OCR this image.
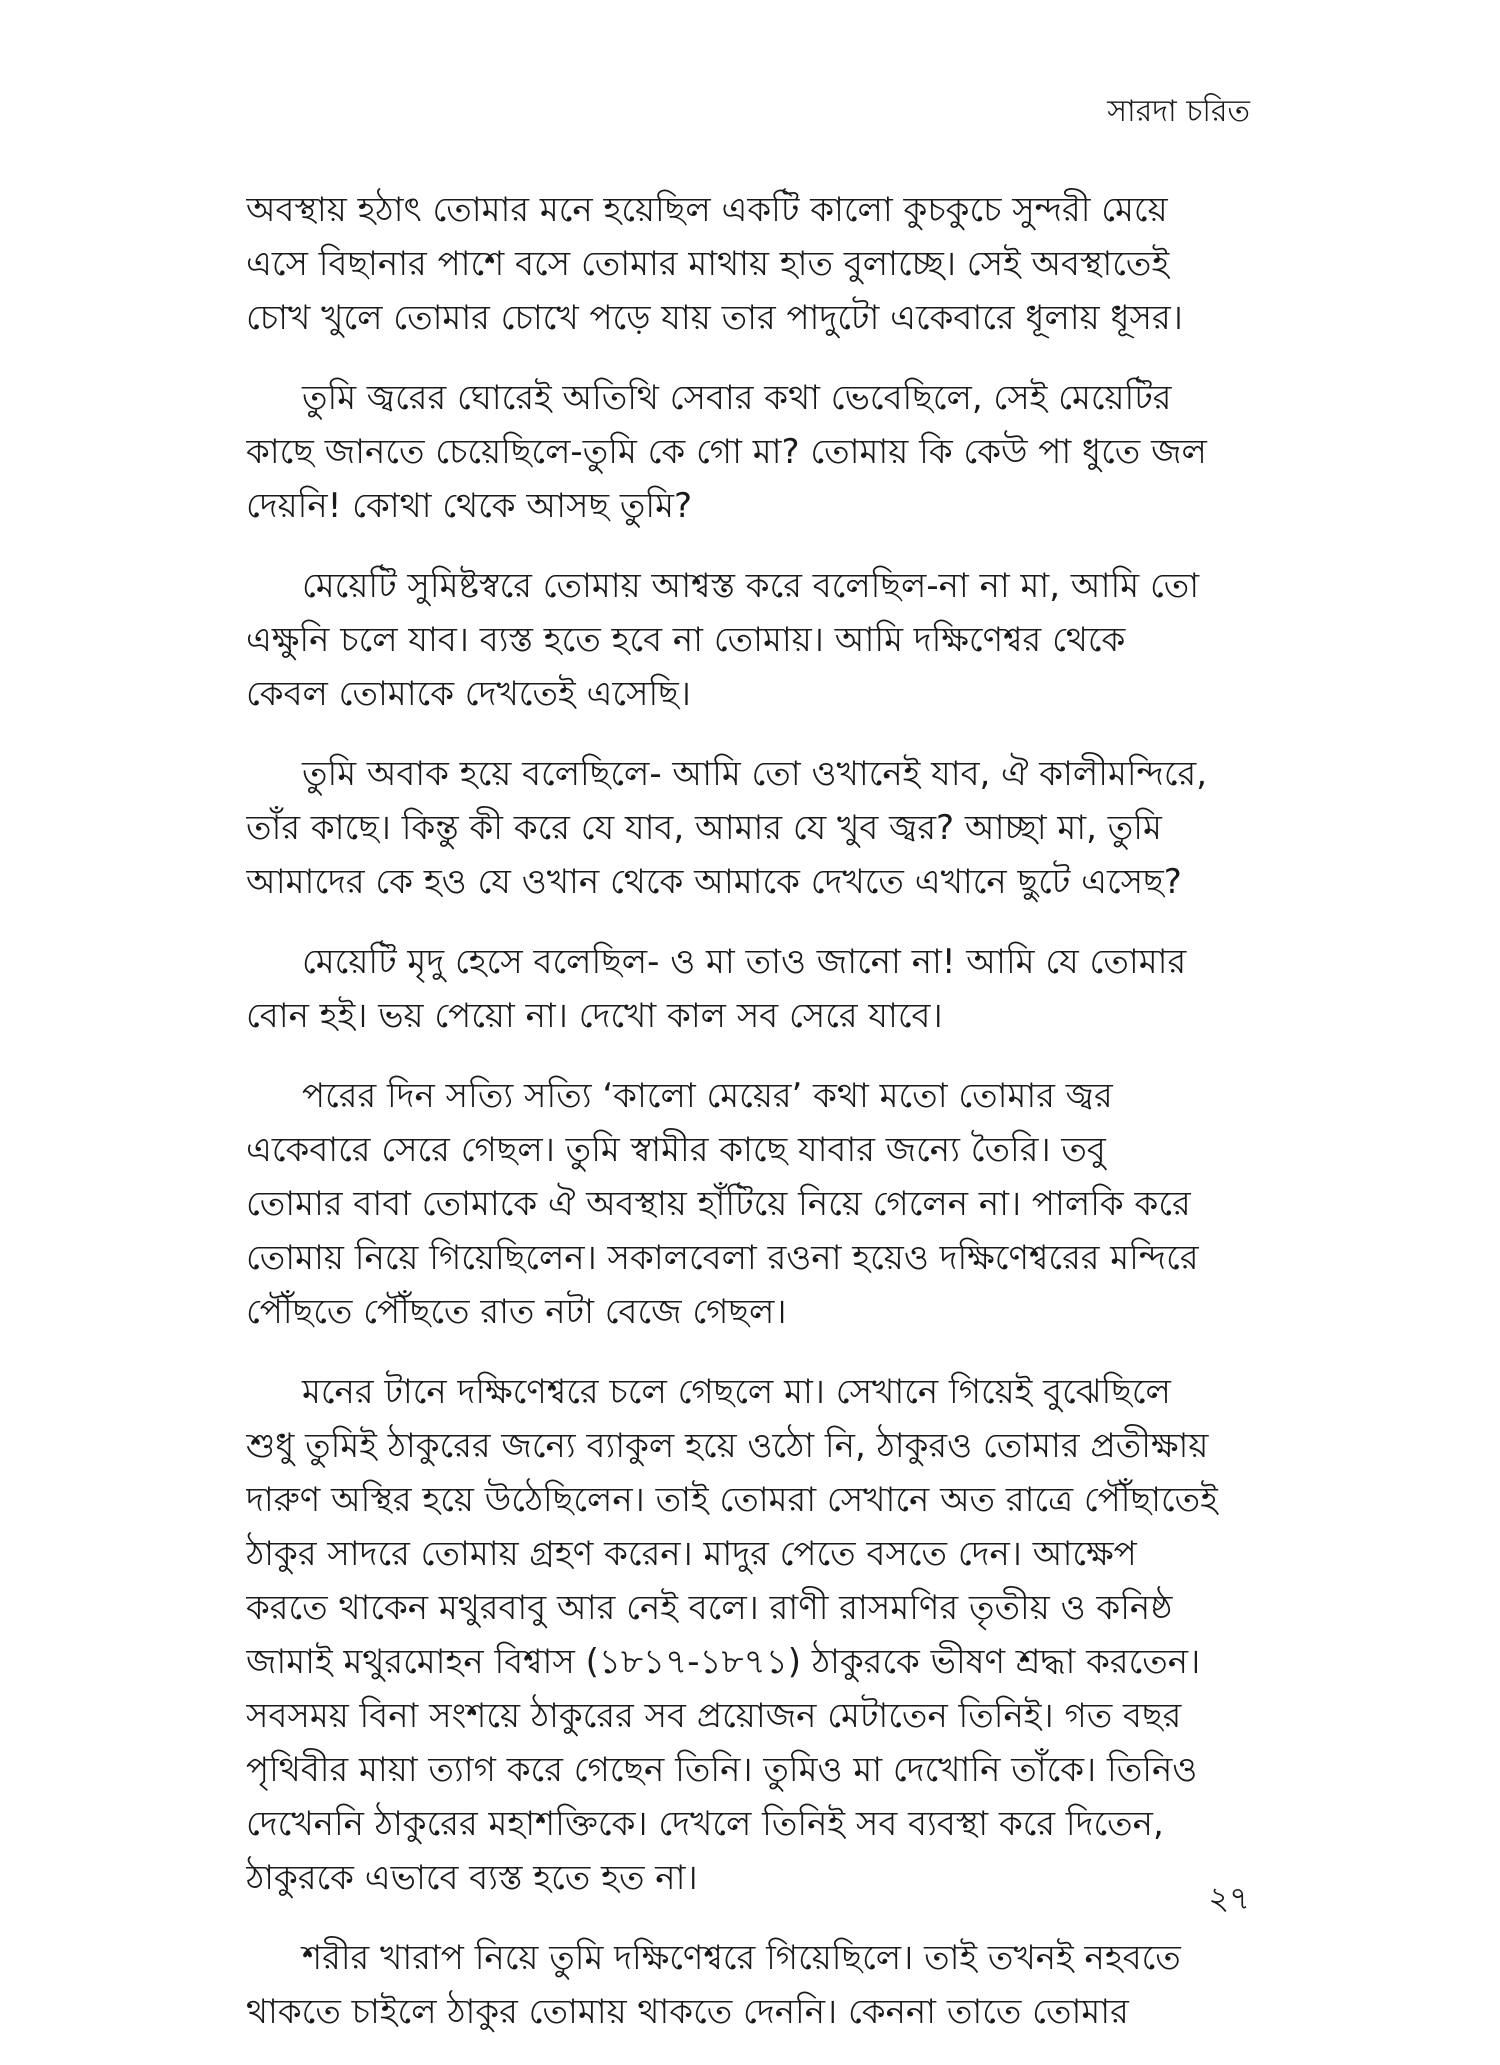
সারদা চরিত

অবস্থায় হঠাৎ তোমার মনে হয়েছিল একটি কালো কুচকুচে সুন্দরী মেয়ে
এসে বিছানার পাশে বসে তোমার মাথায় হাত বুলাচ্ছে। সেই অবস্থাতেই
চোখ খুলে তোমার চোখে পড়ে যায় তার পাদুটো একেবারে ধূলায় ধূসর।

তুমি জ্বরের ঘোরেই অতিথি সেবার কথা ভেবেছিলে, সেই মেয়েটির
কাছে জানতে চেয়েছিলে-তুমি কে গো মা? তোমায় কি কেউ পা ধুতে জল
দেয়নি! কোথা থেকে আসছ তুমি?

মেয়েটি সুমিষ্টস্বরে তোমায় আশ্বস্ত করে বলেছিল-না না মা, আমি তো
এক্ষুনি চলে যাব। ব্যস্ত হতে হবে না তোমায়। আমি দক্ষিণেশ্বর থেকে
কেবল তোমাকে দেখতেই এসেছি।

তুমি অবাক হয়ে বলেছিলে- আমি তো ওখানেই যাব, ঐ কালীমন্দিরে,
তাঁর কাছে। কিন্তু কী করে যে যাব, আমার যে খুব জ্বর? আচ্ছা মা, তুমি
আমাদের কে হও যে ওখান থেকে আমাকে দেখতে এখানে ছুটে এসেছ?

মেয়েটি মৃদু হেসে বলেছিল- ও মা তাও জানো না! আমি যে তোমার
বোন হই। ভয় পেয়ো না। দেখো কাল সব সেরে যাবে।

পরের দিন সত্যি সত্যি ‘কালো মেয়ের’ কথা মতো তোমার জ্বর
একেবারে সেরে গেছল। তুমি স্বামীর কাছে যাবার জন্যে তৈরি। তবু
তোমার বাবা তোমাকে ঐ অবস্থায় হাঁটিয়ে নিয়ে গেলেন না। পালকি করে
তোমায় নিয়ে গিয়েছিলেন। সকালবেলা রওনা হয়েও দক্ষিণেশ্বরের মন্দিরে
পৌঁছতে পৌঁছতে রাত নটা বেজে গেছল।

মনের টানে দক্ষিণেশ্বরে চলে গেছলে মা। সেখানে গিয়েই বুঝেছিলে
শুধু তুমিই ঠাকুরের জন্যে ব্যাকুল হয়ে ওঠো নি, ঠাকুরও তোমার প্রতীক্ষায়
দারুণ অস্থির হয়ে উঠেছিলেন। তাই তোমরা সেখানে অত রাত্রে পৌঁছাতেই
ঠাকুর সাদরে তোমায় গ্রহণ করেন। মাদুর পেতে বসতে দেন। আক্ষেপ
করতে থাকেন মথুরবাবু আর নেই বলে। রাণী রাসমণির তৃতীয় ও কনিষ্ঠ
জামাই মথুরমোহন বিশ্বাস (১৮১৭-১৮৭১) ঠাকুরকে ভীষণ শ্রদ্ধা করতেন।
সবসময় বিনা সংশয়ে ঠাকুরের সব প্রয়োজন মেটাতেন তিনিই। গত বছর
পৃথিবীর মায়া ত্যাগ করে গেছেন তিনি। তুমিও মা দেখোনি তাঁকে। তিনিও
দেখেননি ঠাকুরের মহাশক্তিকে। দেখলে তিনিই সব ব্যবস্থা করে দিতেন,
ঠাকুরকে এভাবে ব্যস্ত হতে হত না।

শরীর খারাপ নিয়ে তুমি দক্ষিণেশ্বরে গিয়েছিলে। তাই তখনই নহবতে
থাকতে চাইলে ঠাকুর তোমায় থাকতে দেননি। কেননা তাতে তোমার

২৭
